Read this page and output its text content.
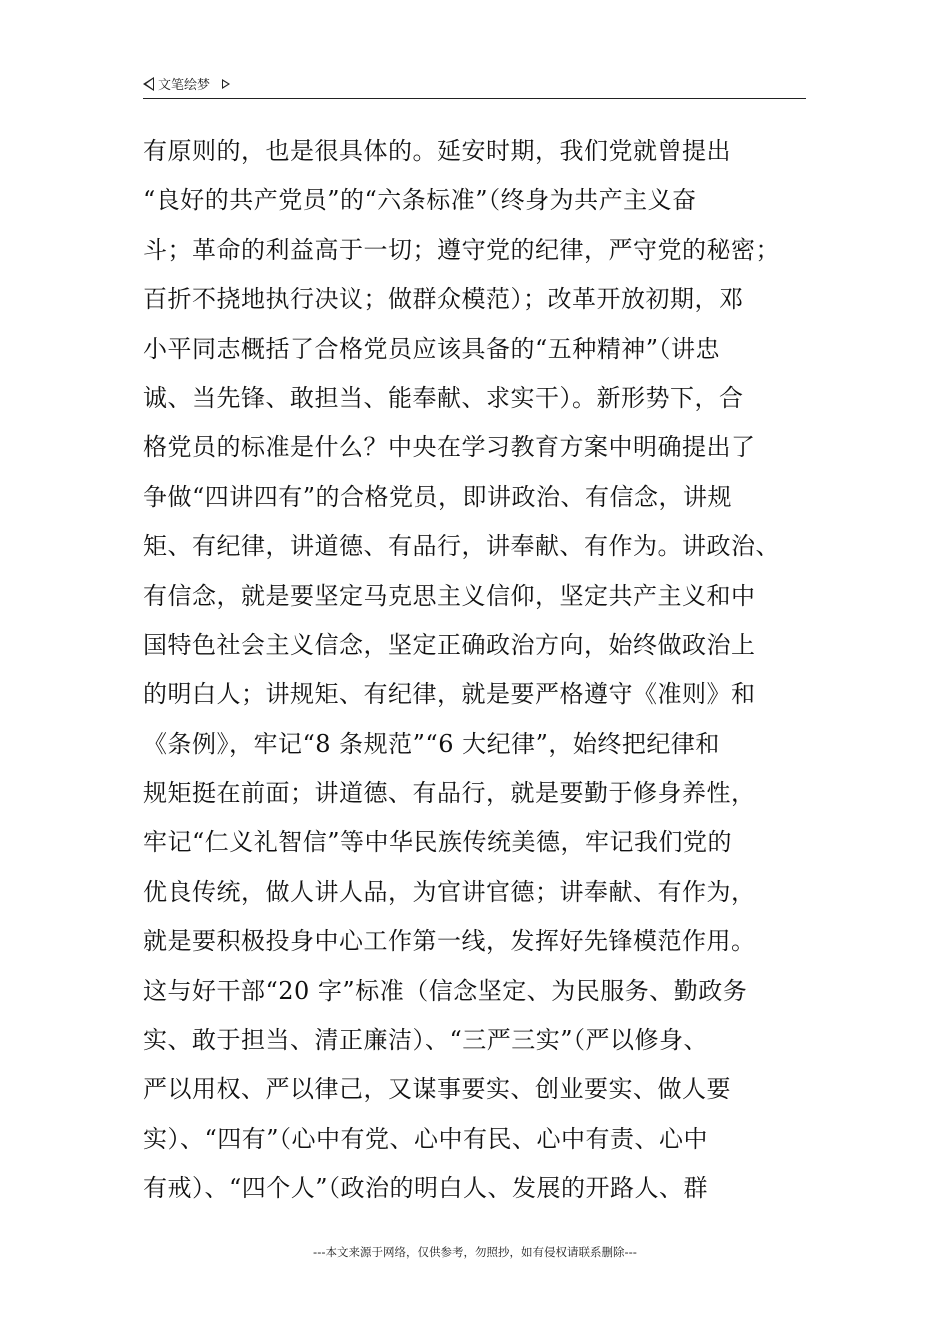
文笔绘梦
有原则的，也是很具体的。延安时期，我们党就曾提出
“良好的共产党员”的“六条标准”（终身为共产主义奋
斗；革命的利益高于一切；遵守党的纪律，严守党的秘密；
百折不挠地执行决议；做群众模范）；改革开放初期，邓
小平同志概括了合格党员应该具备的“五种精神”（讲忠
诚、当先锋、敢担当、能奉献、求实干）。新形势下，合
格党员的标准是什么？中央在学习教育方案中明确提出了
争做“四讲四有”的合格党员，即讲政治、有信念，讲规
矩、有纪律，讲道德、有品行，讲奉献、有作为。讲政治、
有信念，就是要坚定马克思主义信仰，坚定共产主义和中
国特色社会主义信念，坚定正确政治方向，始终做政治上
的明白人；讲规矩、有纪律，就是要严格遵守《准则》和
《条例》，牢记“8 条规范”“6 大纪律”，始终把纪律和
规矩挺在前面；讲道德、有品行，就是要勤于修身养性，
牢记“仁义礼智信”等中华民族传统美德，牢记我们党的
优良传统，做人讲人品，为官讲官德；讲奉献、有作为，
就是要积极投身中心工作第一线，发挥好先锋模范作用。
这与好干部“20 字”标准（信念坚定、为民服务、勤政务
实、敢于担当、清正廉洁）、“三严三实”（严以修身、
严以用权、严以律己，又谋事要实、创业要实、做人要
实）、“四有”（心中有党、心中有民、心中有责、心中
有戒）、“四个人”（政治的明白人、发展的开路人、群
---本文来源于网络，仅供参考，勿照抄，如有侵权请联系删除---
